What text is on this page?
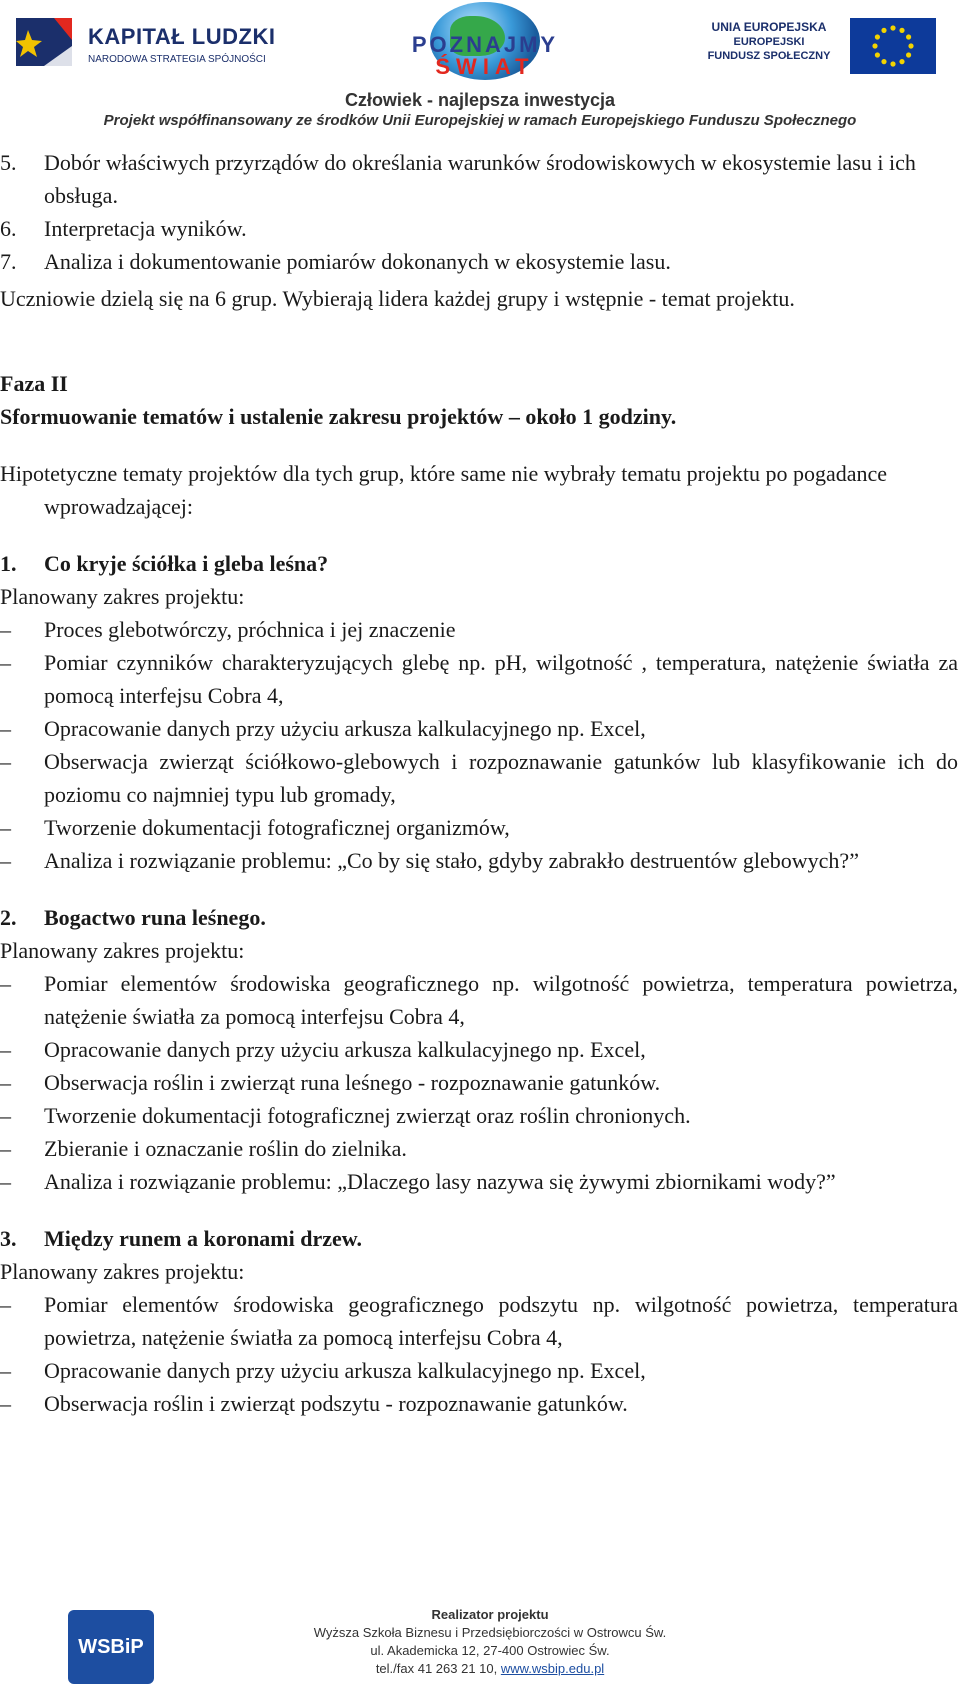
KAPITAŁ LUDZKI
NARODOWA STRATEGIA SPÓJNOŚCI
POZNAJMY
ŚWIAT
UNIA EUROPEJSKA
EUROPEJSKI
FUNDUSZ SPOŁECZNY
Człowiek - najlepsza inwestycja
Projekt współfinansowany ze środków Unii Europejskiej w ramach Europejskiego Funduszu Społecznego
5. Dobór właściwych przyrządów do określania warunków środowiskowych w ekosystemie lasu i ich obsługa.
6. Interpretacja wyników.
7. Analiza i dokumentowanie pomiarów dokonanych w ekosystemie lasu.
Uczniowie dzielą się na 6 grup. Wybierają lidera każdej grupy i wstępnie - temat projektu.
Faza II
Sformuowanie tematów i ustalenie zakresu projektów – około 1 godziny.
Hipotetyczne tematy projektów dla tych grup, które same nie wybrały tematu projektu po pogadance wprowadzającej:
1. Co kryje ściółka i gleba leśna?
Planowany zakres projektu:
– Proces glebotwórczy, próchnica i jej znaczenie
– Pomiar czynników charakteryzujących glebę np. pH, wilgotność , temperatura, natężenie światła za pomocą interfejsu Cobra 4,
– Opracowanie danych przy użyciu arkusza kalkulacyjnego np. Excel,
– Obserwacja zwierząt ściółkowo-glebowych i rozpoznawanie gatunków lub klasyfikowanie ich do poziomu co najmniej typu lub gromady,
– Tworzenie dokumentacji fotograficznej organizmów,
– Analiza i rozwiązanie problemu: „Co by się stało, gdyby zabrakło destruentów glebowych?”
2. Bogactwo runa leśnego.
Planowany zakres projektu:
– Pomiar elementów środowiska geograficznego np. wilgotność powietrza, temperatura powietrza, natężenie światła za pomocą interfejsu Cobra 4,
– Opracowanie danych przy użyciu arkusza kalkulacyjnego np. Excel,
– Obserwacja roślin i zwierząt runa leśnego - rozpoznawanie gatunków.
– Tworzenie dokumentacji fotograficznej zwierząt oraz roślin chronionych.
– Zbieranie i oznaczanie roślin do zielnika.
– Analiza i rozwiązanie problemu: „Dlaczego lasy nazywa się żywymi zbiornikami wody?”
3. Między runem a koronami drzew.
Planowany zakres projektu:
– Pomiar elementów środowiska geograficznego podszytu np. wilgotność powietrza, temperatura powietrza, natężenie światła za pomocą interfejsu Cobra 4,
– Opracowanie danych przy użyciu arkusza kalkulacyjnego np. Excel,
– Obserwacja roślin i zwierząt podszytu - rozpoznawanie gatunków.
WSBiP
Realizator projektu
Wyższa Szkoła Biznesu i Przedsiębiorczości w Ostrowcu Św.
ul. Akademicka 12, 27-400 Ostrowiec Św.
tel./fax 41 263 21 10, www.wsbip.edu.pl
